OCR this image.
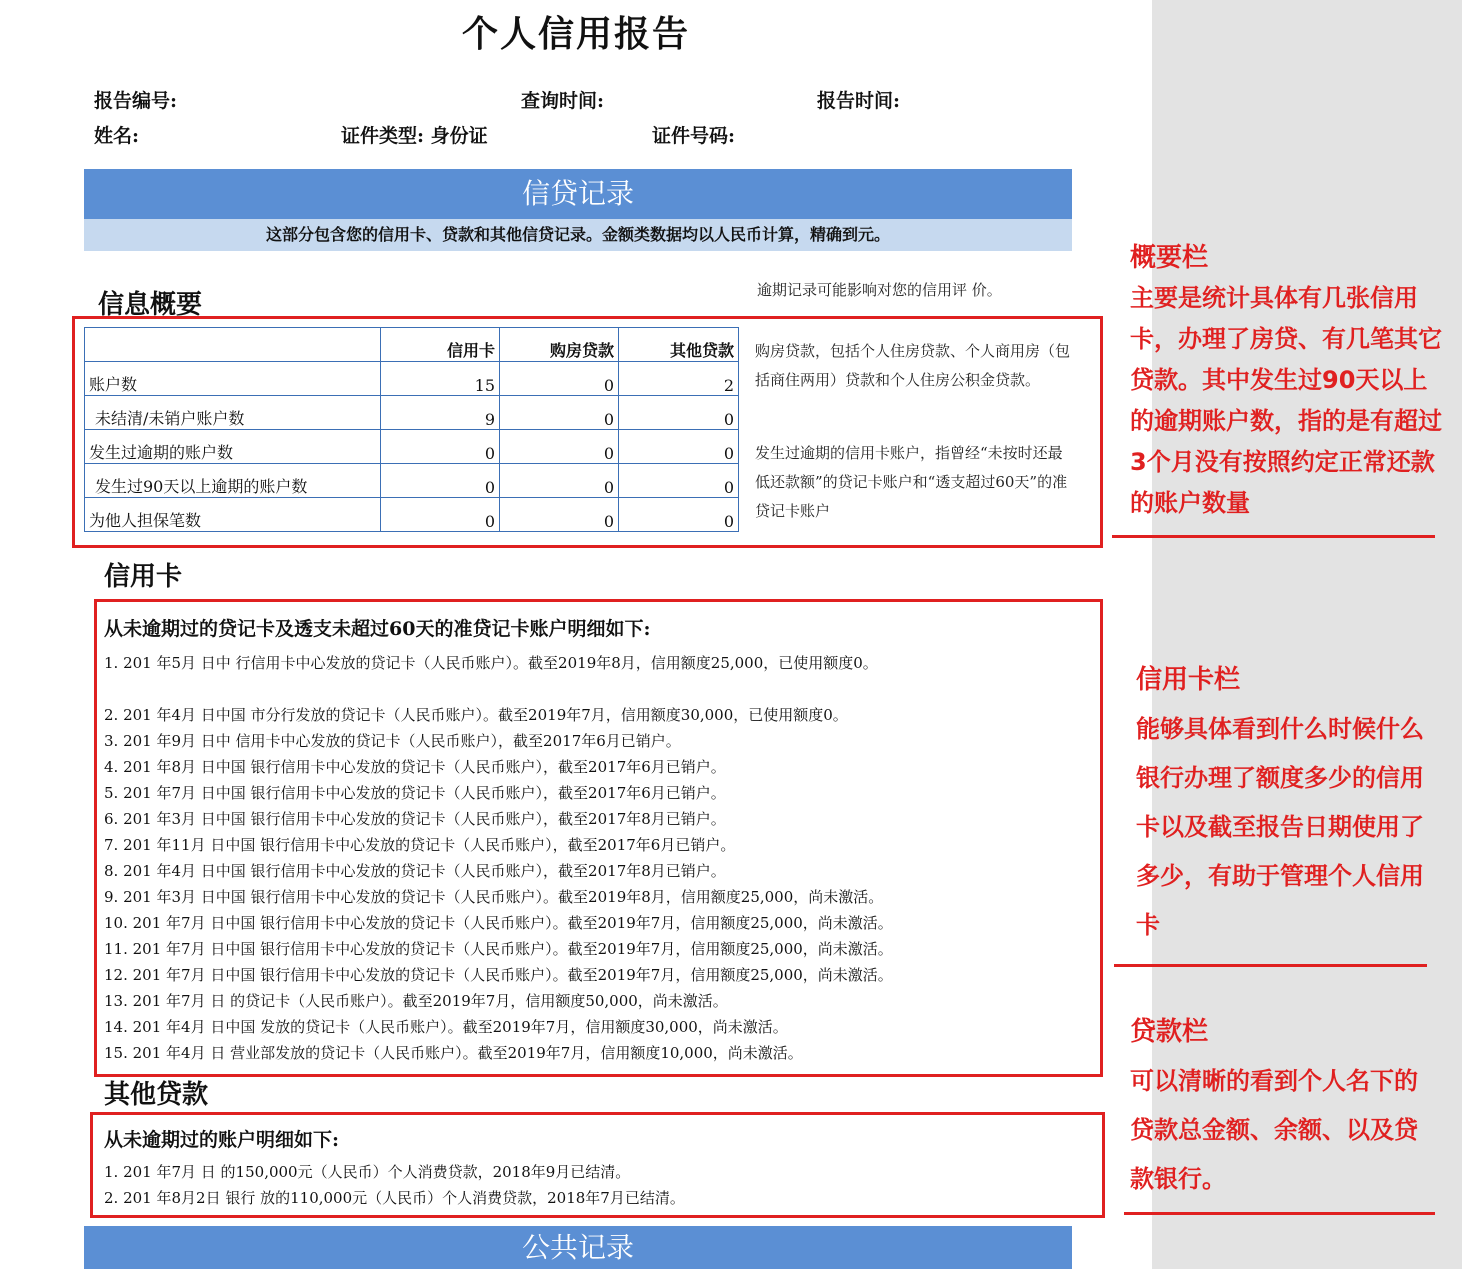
个人信用报告
报告编号:	查询时间:	报告时间:
姓名:	证件类型: 身份证	证件号码:
信贷记录
这部分包含您的信用卡、贷款和其他信贷记录。金额类数据均以人民币计算，精确到元。
信息概要	逾期记录可能影响对您的信用评 价。
	信用卡	购房贷款	其他贷款
账户数	15	0	2
未结清/未销户账户数	9	0	0
发生过逾期的账户数	0	0	0
发生过90天以上逾期的账户数	0	0	0
为他人担保笔数	0	0	0
购房贷款，包括个人住房贷款、个人商用房（包括商住两用）贷款和个人住房公积金贷款。
发生过逾期的信用卡账户，指曾经“未按时还最低还款额”的贷记卡账户和“透支超过60天”的准贷记卡账户
信用卡
从未逾期过的贷记卡及透支未超过60天的准贷记卡账户明细如下:
1. 201 年5月 日中 行信用卡中心发放的贷记卡（人民币账户）。截至2019年8月，信用额度25,000，已使用额度0。
2. 201 年4月 日中国 市分行发放的贷记卡（人民币账户）。截至2019年7月，信用额度30,000，已使用额度0。
3. 201 年9月 日中 信用卡中心发放的贷记卡（人民币账户），截至2017年6月已销户。
4. 201 年8月 日中国 银行信用卡中心发放的贷记卡（人民币账户），截至2017年6月已销户。
5. 201 年7月 日中国 银行信用卡中心发放的贷记卡（人民币账户），截至2017年6月已销户。
6. 201 年3月 日中国 银行信用卡中心发放的贷记卡（人民币账户），截至2017年8月已销户。
7. 201 年11月 日中国 银行信用卡中心发放的贷记卡（人民币账户），截至2017年6月已销户。
8. 201 年4月 日中国 银行信用卡中心发放的贷记卡（人民币账户），截至2017年8月已销户。
9. 201 年3月 日中国 银行信用卡中心发放的贷记卡（人民币账户）。截至2019年8月，信用额度25,000，尚未激活。
10. 201 年7月 日中国 银行信用卡中心发放的贷记卡（人民币账户）。截至2019年7月，信用额度25,000，尚未激活。
11. 201 年7月 日中国 银行信用卡中心发放的贷记卡（人民币账户）。截至2019年7月，信用额度25,000，尚未激活。
12. 201 年7月 日中国 银行信用卡中心发放的贷记卡（人民币账户）。截至2019年7月，信用额度25,000，尚未激活。
13. 201 年7月 日 的贷记卡（人民币账户）。截至2019年7月，信用额度50,000，尚未激活。
14. 201 年4月 日中国 发放的贷记卡（人民币账户）。截至2019年7月，信用额度30,000，尚未激活。
15. 201 年4月 日 营业部发放的贷记卡（人民币账户）。截至2019年7月，信用额度10,000，尚未激活。
其他贷款
从未逾期过的账户明细如下:
1. 201 年7月 日 的150,000元（人民币）个人消费贷款，2018年9月已结清。
2. 201 年8月2日 银行 放的110,000元（人民币）个人消费贷款，2018年7月已结清。
公共记录
概要栏
主要是统计具体有几张信用卡，办理了房贷、有几笔其它贷款。其中发生过90天以上的逾期账户数，指的是有超过3个月没有按照约定正常还款的账户数量
信用卡栏
能够具体看到什么时候什么银行办理了额度多少的信用卡以及截至报告日期使用了多少，有助于管理个人信用卡
贷款栏
可以清晰的看到个人名下的贷款总金额、余额、以及贷款银行。
